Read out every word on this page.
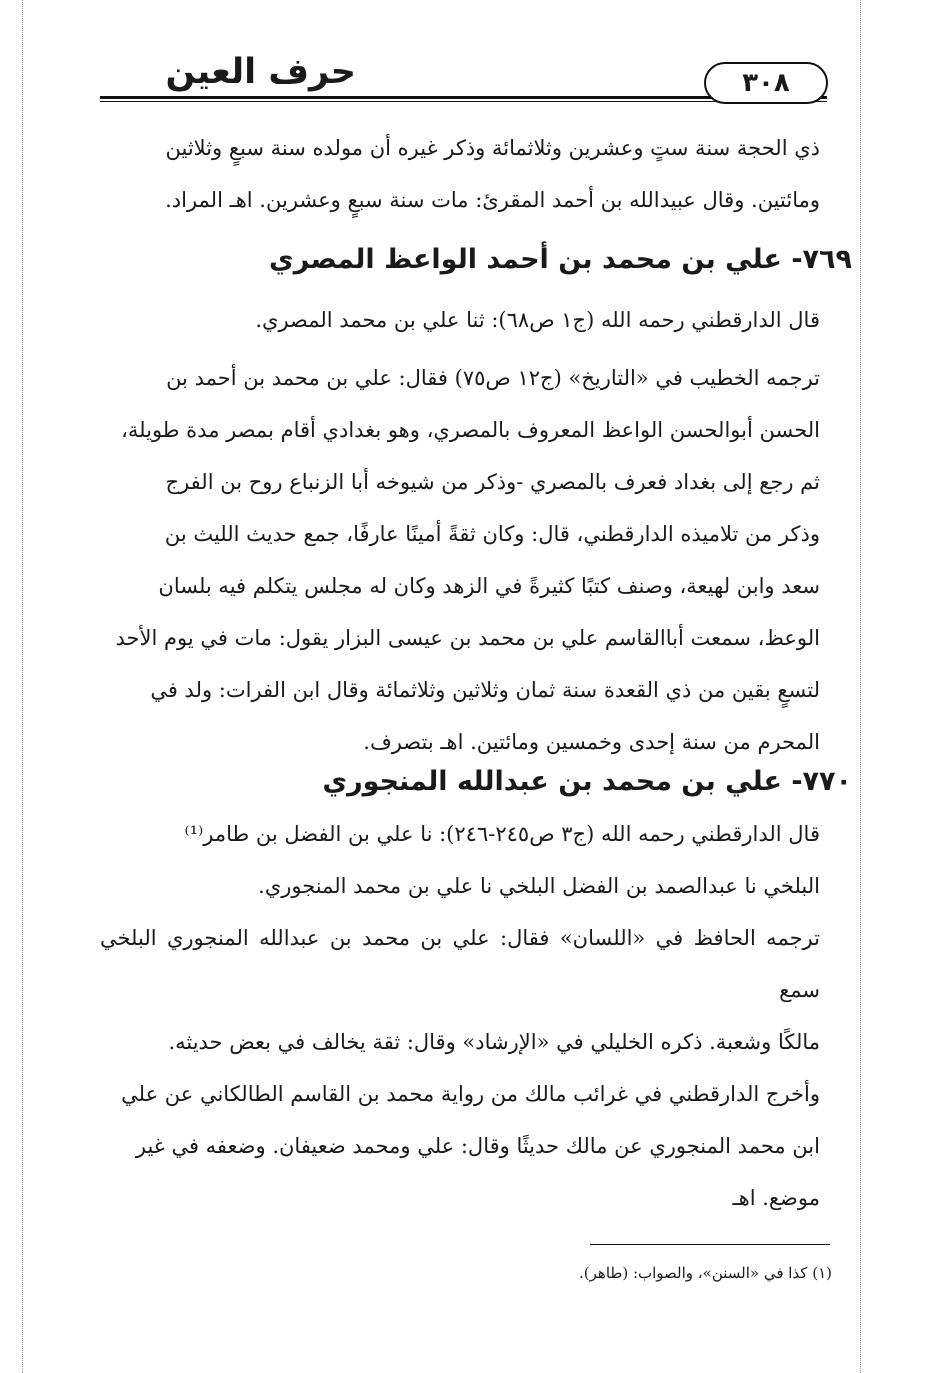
حرف العين	٣٠٨
ذي الحجة سنة ستٍ وعشرين وثلاثمائة وذكر غيره أن مولده سنة سبعٍ وثلاثين
ومائتين. وقال عبيدالله بن أحمد المقرئ: مات سنة سبعٍ وعشرين. اهـ المراد.
٧٦٩- علي بن محمد بن أحمد الواعظ المصري
قال الدارقطني رحمه الله (ج١ ص٦٨): ثنا علي بن محمد المصري.
ترجمه الخطيب في «التاريخ» (ج١٢ ص٧٥) فقال: علي بن محمد بن أحمد بن
الحسن أبوالحسن الواعظ المعروف بالمصري، وهو بغدادي أقام بمصر مدة طويلة،
ثم رجع إلى بغداد فعرف بالمصري -وذكر من شيوخه أبا الزنباع روح بن الفرج
وذكر من تلاميذه الدارقطني، قال: وكان ثقةً أمينًا عارفًا، جمع حديث الليث بن
سعد وابن لهيعة، وصنف كتبًا كثيرةً في الزهد وكان له مجلس يتكلم فيه بلسان
الوعظ، سمعت أباالقاسم علي بن محمد بن عيسى البزار يقول: مات في يوم الأحد
لتسعٍ بقين من ذي القعدة سنة ثمان وثلاثين وثلاثمائة وقال ابن الفرات: ولد في
المحرم من سنة إحدى وخمسين ومائتين. اهـ بتصرف.
٧٧٠- علي بن محمد بن عبدالله المنجوري
قال الدارقطني رحمه الله (ج٣ ص٢٤٥-٢٤٦): نا علي بن الفضل بن طامر⁽¹⁾
البلخي نا عبدالصمد بن الفضل البلخي نا علي بن محمد المنجوري.
ترجمه الحافظ في «اللسان» فقال: علي بن محمد بن عبدالله المنجوري البلخي سمع
مالكًا وشعبة. ذكره الخليلي في «الإرشاد» وقال: ثقة يخالف في بعض حديثه.
وأخرج الدارقطني في غرائب مالك من رواية محمد بن القاسم الطالكاني عن علي
ابن محمد المنجوري عن مالك حديثًا وقال: علي ومحمد ضعيفان. وضعفه في غير
موضع. اهـ
(١) كذا في «السنن»، والصواب: (طاهر).
